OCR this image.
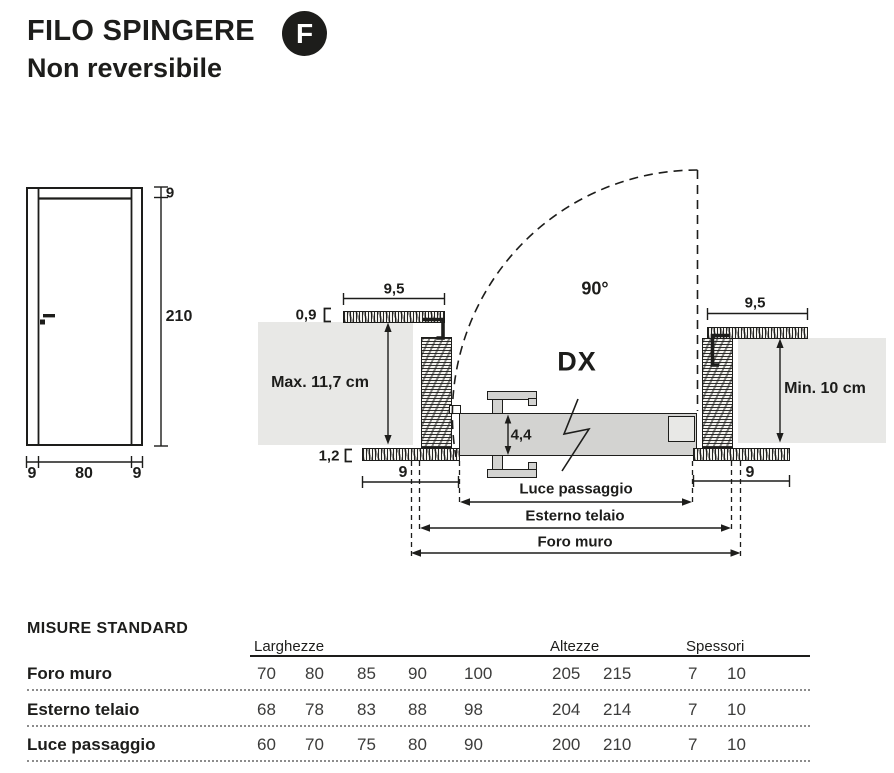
FILO SPINGERE	F
Non reversibile
9
210
9 80 9
9,5
0,9
Max. 11,7 cm
1,2
9
9,5
Min. 10 cm
9
4,4
90°
DX
Luce passaggio
Esterno telaio
Foro muro
MISURE STANDARD
Larghezze	Altezze	Spessori
Foro muro	70 80 85 90 100	205 215	7 10
Esterno telaio	68 78 83 88 98	204 214	7 10
Luce passaggio	60 70 75 80 90	200 210	7 10
